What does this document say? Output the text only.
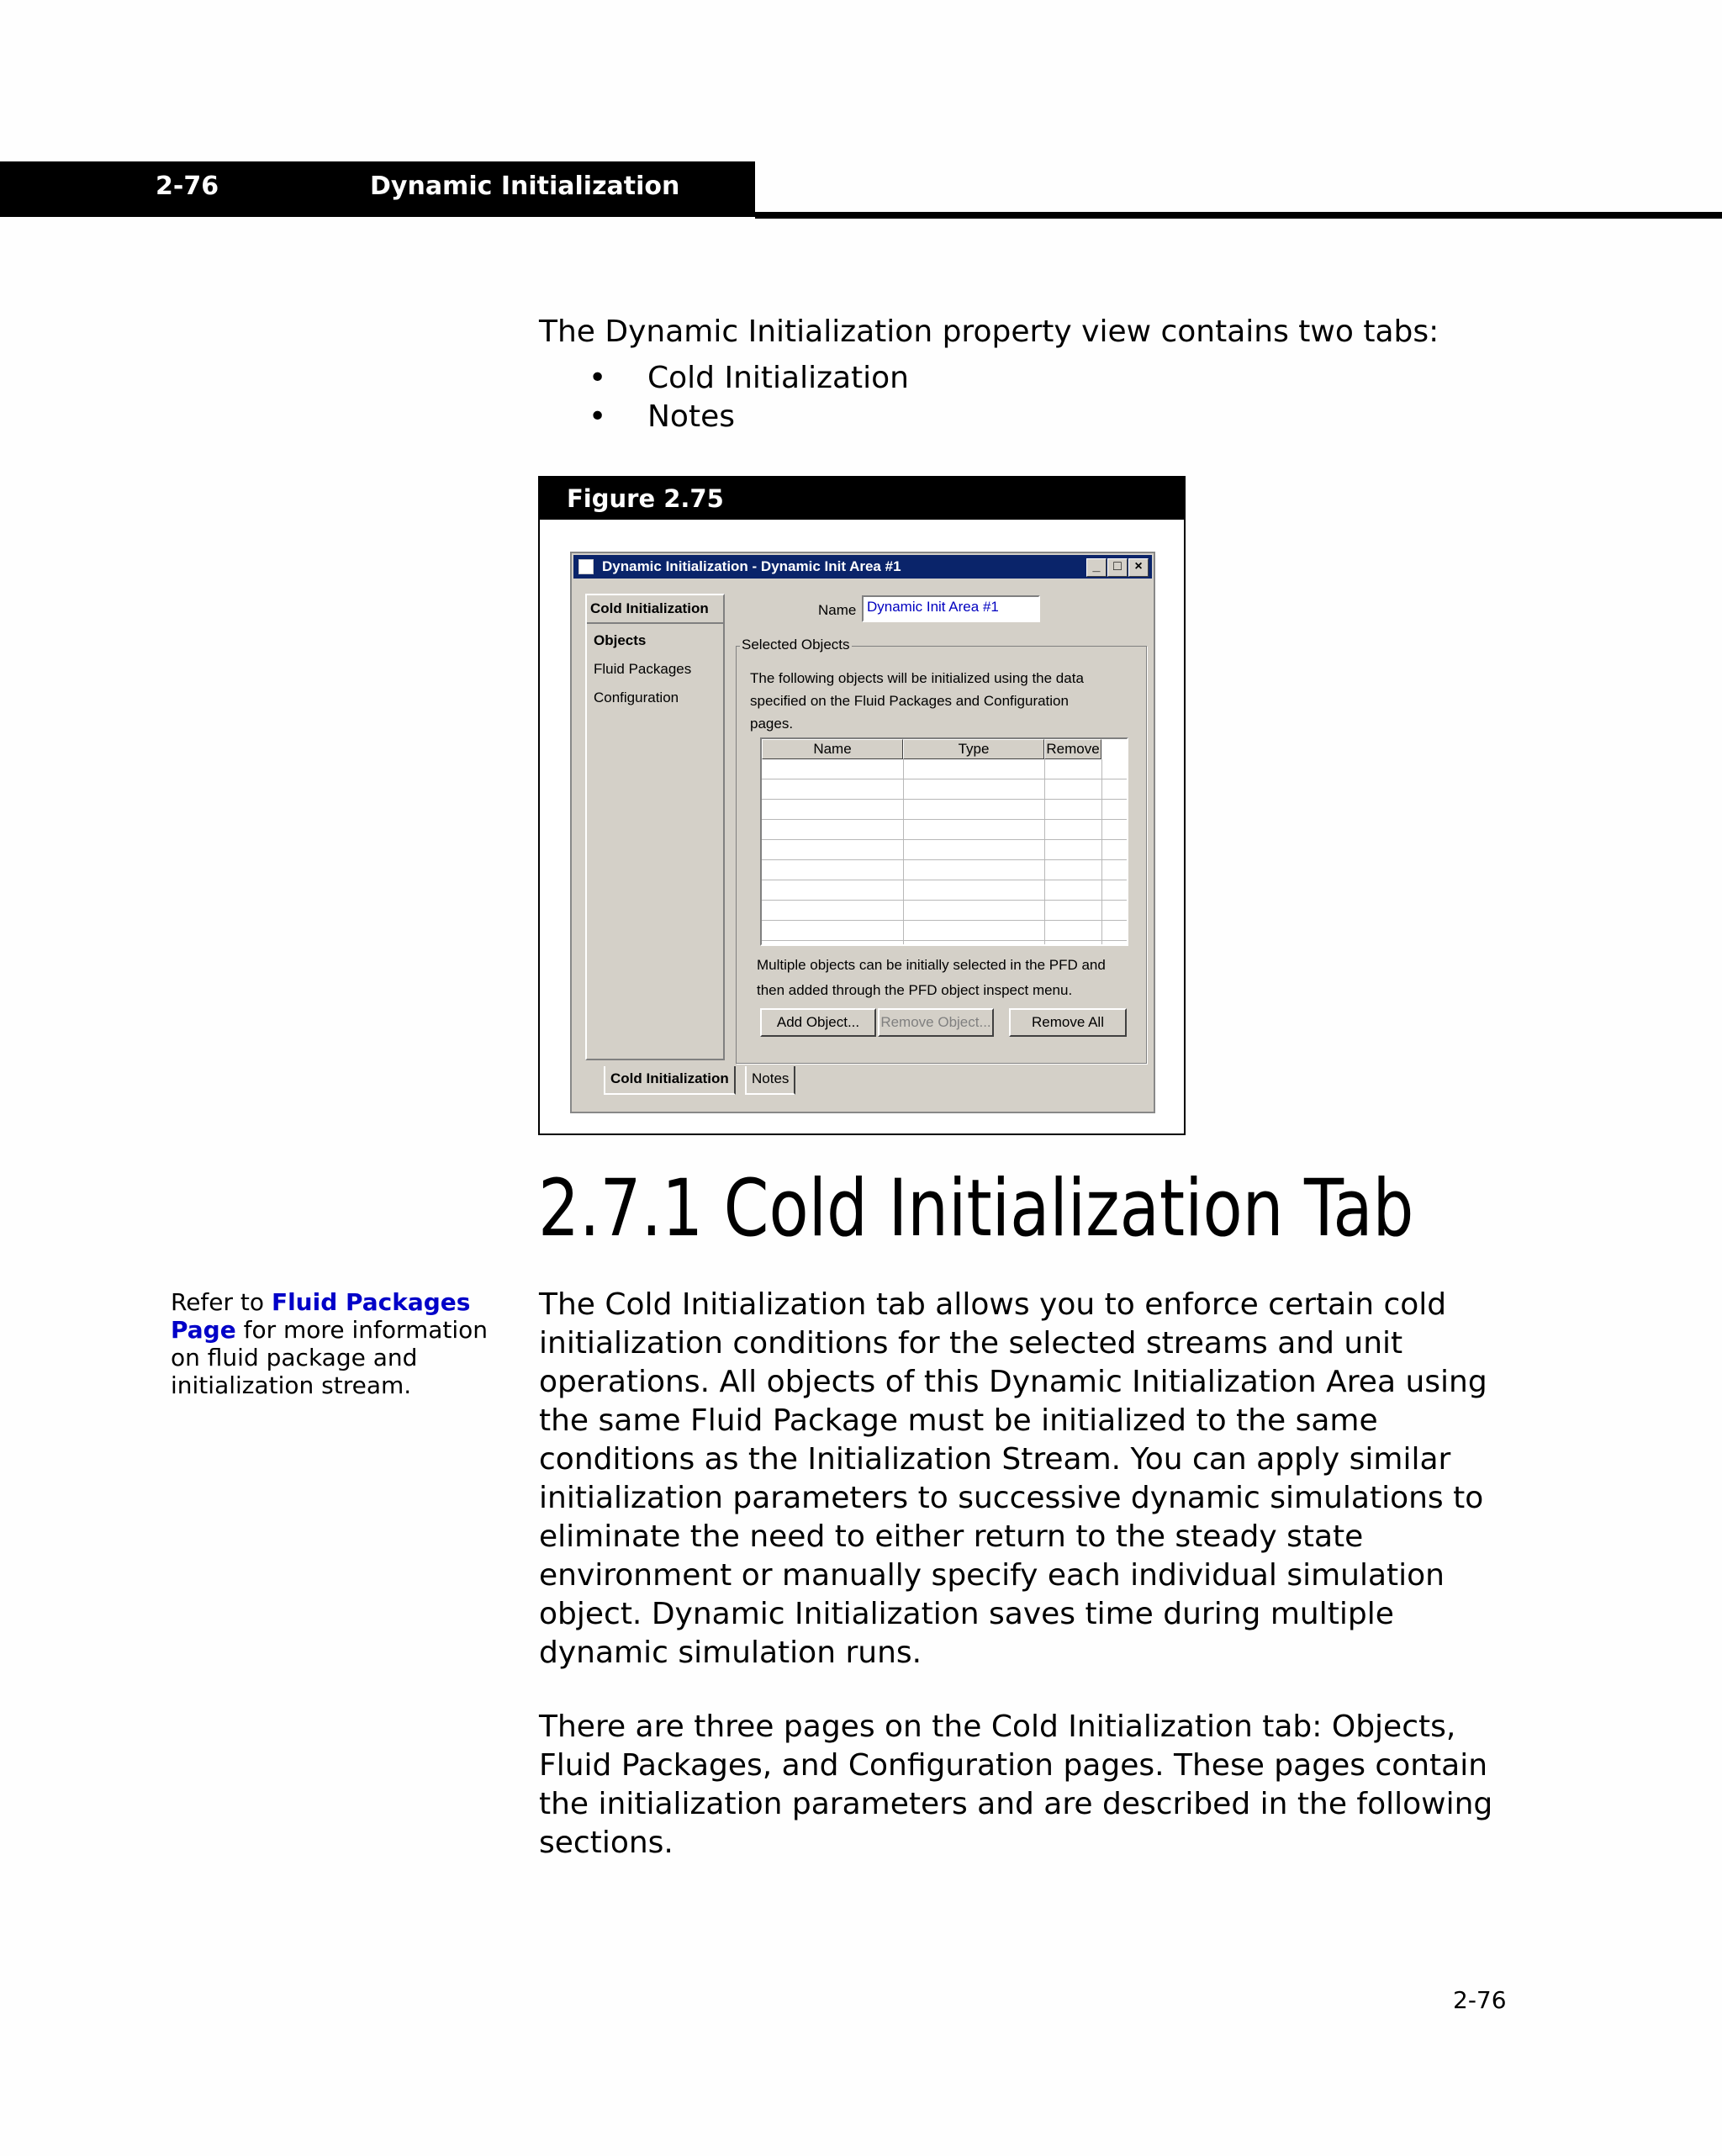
2-76	Dynamic Initialization
The Dynamic Initialization property view contains two tabs:
• Cold Initialization
• Notes
Figure 2.75
Dynamic Initialization - Dynamic Init Area #1	_ □ ×
Cold Initialization
Objects
Fluid Packages
Configuration
Name Dynamic Init Area #1
Selected Objects
The following objects will be initialized using the data specified on the Fluid Packages and Configuration pages.
Name	Type	Remove
Multiple objects can be initially selected in the PFD and then added through the PFD object inspect menu.
Add Object...	Remove Object...	Remove All
Cold Initialization	Notes
2.7.1 Cold Initialization Tab
Refer to Fluid Packages Page for more information on fluid package and initialization stream.
The Cold Initialization tab allows you to enforce certain cold initialization conditions for the selected streams and unit operations. All objects of this Dynamic Initialization Area using the same Fluid Package must be initialized to the same conditions as the Initialization Stream. You can apply similar initialization parameters to successive dynamic simulations to eliminate the need to either return to the steady state environment or manually specify each individual simulation object. Dynamic Initialization saves time during multiple dynamic simulation runs.
There are three pages on the Cold Initialization tab: Objects, Fluid Packages, and Configuration pages. These pages contain the initialization parameters and are described in the following sections.
2-76
